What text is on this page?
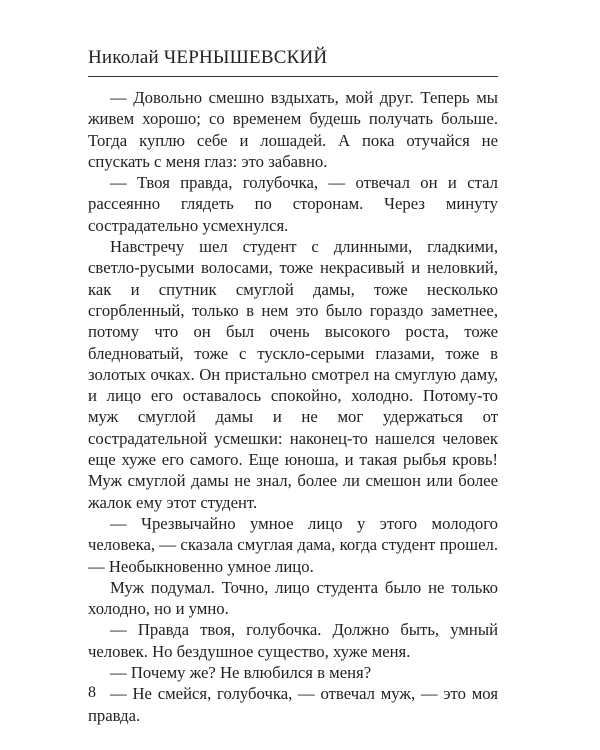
Николай ЧЕРНЫШЕВСКИЙ

— Довольно смешно вздыхать, мой друг. Теперь мы живем хорошо; со временем будешь получать больше. Тогда куплю себе и лошадей. А пока отучайся не спускать с меня глаз: это забавно.

— Твоя правда, голубочка, — отвечал он и стал рассеянно глядеть по сторонам. Через минуту сострадательно усмехнулся.

Навстречу шел студент с длинными, гладкими, светло-русыми волосами, тоже некрасивый и неловкий, как и спутник смуглой дамы, тоже несколько сгорбленный, только в нем это было гораздо заметнее, потому что он был очень высокого роста, тоже бледноватый, тоже с тускло-серыми глазами, тоже в золотых очках. Он пристально смотрел на смуглую даму, и лицо его оставалось спокойно, холодно. Потому-то муж смуглой дамы и не мог удержаться от сострадательной усмешки: наконец-то нашелся человек еще хуже его самого. Еще юноша, и такая рыбья кровь! Муж смуглой дамы не знал, более ли смешон или более жалок ему этот студент.

— Чрезвычайно умное лицо у этого молодого человека, — сказала смуглая дама, когда студент прошел. — Необыкновенно умное лицо.

Муж подумал. Точно, лицо студента было не только холодно, но и умно.

— Правда твоя, голубочка. Должно быть, умный человек. Но бездушное существо, хуже меня.

— Почему же? Не влюбился в меня?

— Не смейся, голубочка, — отвечал муж, — это моя правда.

8
